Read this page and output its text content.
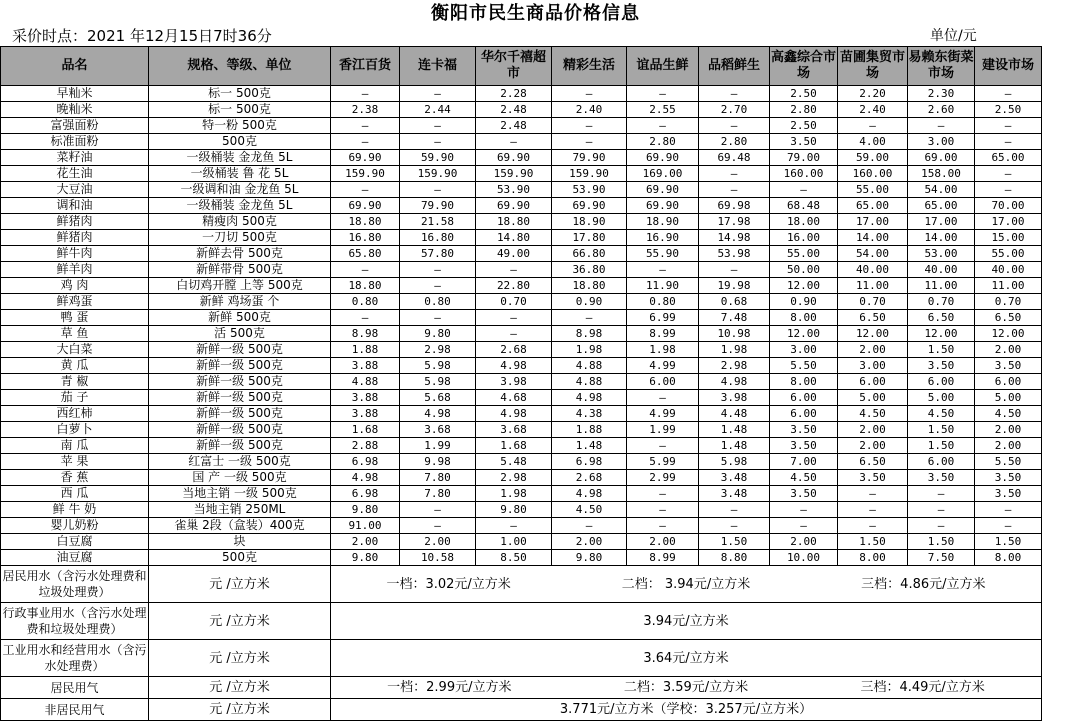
衡阳市民生商品价格信息
采价时点：2021 年12月15日7时36分	单位/元
品名	规格、等级、单位	香江百货	连卡福	华尔千禧超 市	精彩生活	谊品生鲜	品稻鲜生	高鑫综合市 场	苗圃集贸市 场	易赖东街菜市场	建设市场
早籼米	标一 500克	—	—	2.28	—	—	—	2.50	2.20	2.30	—
晚籼米	标一 500克	2.38	2.44	2.48	2.40	2.55	2.70	2.80	2.40	2.60	2.50
富强面粉	特一粉 500克	—	—	2.48	—	—	—	2.50	—	—	—
标准面粉	500克	—	—	—	—	2.80	2.80	3.50	4.00	3.00	—
菜籽油	一级桶装 金龙鱼 5L	69.90	59.90	69.90	79.90	69.90	69.48	79.00	59.00	69.00	65.00
花生油	一级桶装 鲁 花 5L	159.90	159.90	159.90	159.90	169.00	—	160.00	160.00	158.00	—
大豆油	一级调和油 金龙鱼 5L	—	—	53.90	53.90	69.90	—	—	55.00	54.00	—
调和油	一级桶装 金龙鱼 5L	69.90	79.90	69.90	69.90	69.90	69.98	68.48	65.00	65.00	70.00
鲜猪肉	精瘦肉 500克	18.80	21.58	18.80	18.90	18.90	17.98	18.00	17.00	17.00	17.00
鲜猪肉	一刀切 500克	16.80	16.80	14.80	17.80	16.90	14.98	16.00	14.00	14.00	15.00
鲜牛肉	新鲜去骨 500克	65.80	57.80	49.00	66.80	55.90	53.98	55.00	54.00	53.00	55.00
鲜羊肉	新鲜带骨 500克	—	—	—	36.80	—	—	50.00	40.00	40.00	40.00
鸡 肉	白切鸡开膛 上等 500克	18.80	—	22.80	18.80	11.90	19.98	12.00	11.00	11.00	11.00
鲜鸡蛋	新鲜 鸡场蛋 个	0.80	0.80	0.70	0.90	0.80	0.68	0.90	0.70	0.70	0.70
鸭 蛋	新鲜 500克	—	—	—	—	6.99	7.48	8.00	6.50	6.50	6.50
草 鱼	活 500克	8.98	9.80	—	8.98	8.99	10.98	12.00	12.00	12.00	12.00
大白菜	新鲜一级 500克	1.88	2.98	2.68	1.98	1.98	1.98	3.00	2.00	1.50	2.00
黄 瓜	新鲜一级 500克	3.88	5.98	4.98	4.88	4.99	2.98	5.50	3.00	3.50	3.50
青 椒	新鲜一级 500克	4.88	5.98	3.98	4.88	6.00	4.98	8.00	6.00	6.00	6.00
茄 子	新鲜一级 500克	3.88	5.68	4.68	4.98	—	3.98	6.00	5.00	5.00	5.00
西红柿	新鲜一级 500克	3.88	4.98	4.98	4.38	4.99	4.48	6.00	4.50	4.50	4.50
白萝卜	新鲜一级 500克	1.68	3.68	3.68	1.88	1.99	1.48	3.50	2.00	1.50	2.00
南 瓜	新鲜一级 500克	2.88	1.99	1.68	1.48	—	1.48	3.50	2.00	1.50	2.00
苹 果	红富士 一级 500克	6.98	9.98	5.48	6.98	5.99	5.98	7.00	6.50	6.00	5.50
香 蕉	国 产 一级 500克	4.98	7.80	2.98	2.68	2.99	3.48	4.50	3.50	3.50	3.50
西 瓜	当地主销 一级 500克	6.98	7.80	1.98	4.98	—	3.48	3.50	—	—	3.50
鲜 牛 奶	当地主销 250ML	9.80	—	9.80	4.50	—	—	—	—	—	—
婴儿奶粉	雀巢 2段（盒装）400克	91.00	—	—	—	—	—	—	—	—	—
白豆腐	块	2.00	2.00	1.00	2.00	2.00	1.50	2.00	1.50	1.50	1.50
油豆腐	500克	9.80	10.58	8.50	9.80	8.99	8.80	10.00	8.00	7.50	8.00
居民用水（含污水处理费和垃圾处理费）	元 /立方米	一档：3.02元/立方米 二档： 3.94元/立方米 三档：4.86元/立方米									

行政事业用水（含污水处理费和垃圾处理费）	元 /立方米	3.94元/立方米									

工业用水和经营用水（含污水处理费）	元 /立方米	3.64元/立方米									

居民用气	元 /立方米	一档：2.99元/立方米 二档：3.59元/立方米 三档：4.49元/立方米									

非居民用气	元 /立方米	3.771元/立方米（学校：3.257元/立方米）									
